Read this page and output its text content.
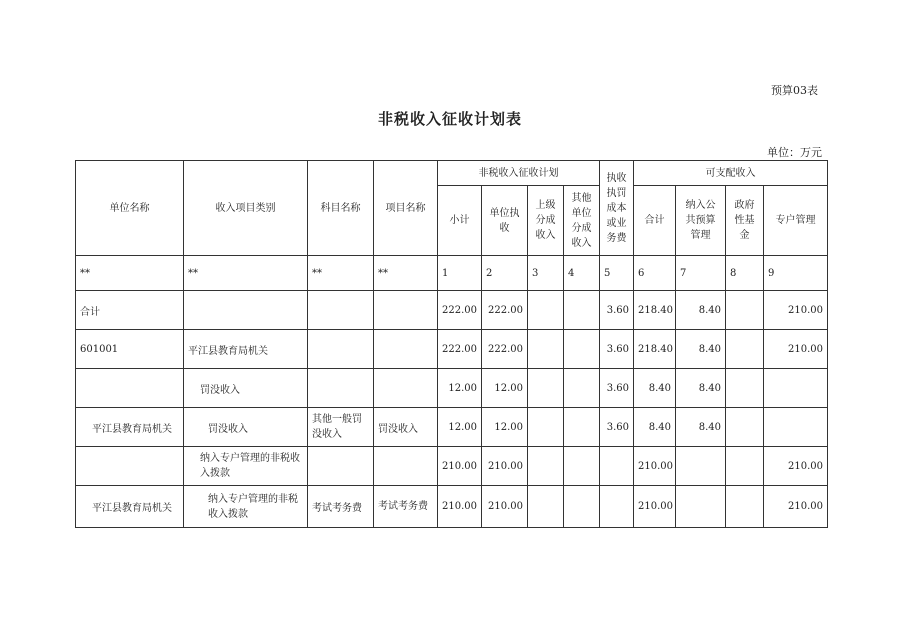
预算03表
非税收入征收计划表
单位：万元
单位名称	收入项目类别	科目名称	项目名称	非税收入征收计划				执收执罚成本或业务费	可支配收入			
				小计	单位执收	上级分成收入	其他单位分成收入		合计	纳入公共预算管理	政府性基金	专户管理
**	**	**	**	1	2	3	4	5	6	7	8	9
合计				222.00	222.00			3.60	218.40	8.40		210.00
601001	平江县教育局机关			222.00	222.00			3.60	218.40	8.40		210.00
	罚没收入			12.00	12.00			3.60	8.40	8.40		
平江县教育局机关	罚没收入	其他一般罚没收入	罚没收入	12.00	12.00			3.60	8.40	8.40		
	纳入专户管理的非税收入拨款			210.00	210.00				210.00			210.00
平江县教育局机关	纳入专户管理的非税收入拨款	考试考务费	考试考务费	210.00	210.00				210.00			210.00
